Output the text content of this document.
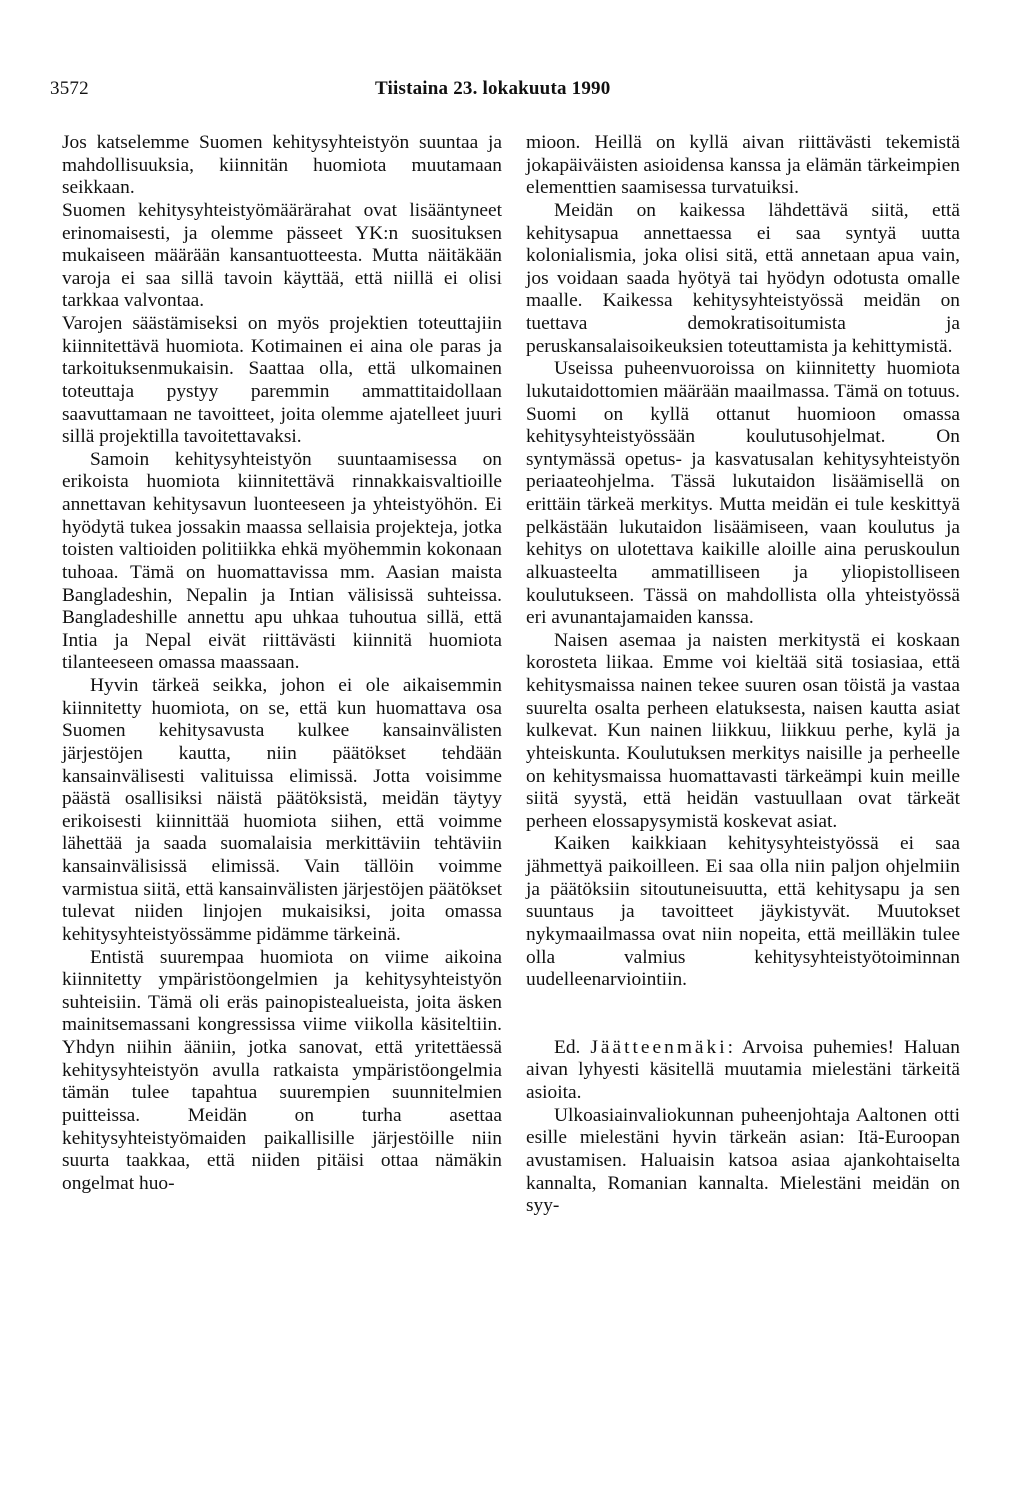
3572	Tiistaina 23. lokakuuta 1990

Jos katselemme Suomen kehitysyhteistyön suuntaa ja mahdollisuuksia, kiinnitän huomiota muutamaan seikkaan.

Suomen kehitysyhteistyömäärärahat ovat lisääntyneet erinomaisesti, ja olemme pässeet YK:n suosituksen mukaiseen määrään kansantuotteesta. Mutta näitäkään varoja ei saa sillä tavoin käyttää, että niillä ei olisi tarkkaa valvontaa.

Varojen säästämiseksi on myös projektien toteuttajiin kiinnitettävä huomiota. Kotimainen ei aina ole paras ja tarkoituksenmukaisin. Saattaa olla, että ulkomainen toteuttaja pystyy paremmin ammattitaidollaan saavuttamaan ne tavoitteet, joita olemme ajatelleet juuri sillä projektilla tavoitettavaksi.

Samoin kehitysyhteistyön suuntaamisessa on erikoista huomiota kiinnitettävä rinnakkaisvaltioille annettavan kehitysavun luonteeseen ja yhteistyöhön. Ei hyödytä tukea jossakin maassa sellaisia projekteja, jotka toisten valtioiden politiikka ehkä myöhemmin kokonaan tuhoaa. Tämä on huomattavissa mm. Aasian maista Bangladeshin, Nepalin ja Intian välisissä suhteissa. Bangladeshille annettu apu uhkaa tuhoutua sillä, että Intia ja Nepal eivät riittävästi kiinnitä huomiota tilanteeseen omassa maassaan.

Hyvin tärkeä seikka, johon ei ole aikaisemmin kiinnitetty huomiota, on se, että kun huomattava osa Suomen kehitysavusta kulkee kansainvälisten järjestöjen kautta, niin päätökset tehdään kansainvälisesti valituissa elimissä. Jotta voisimme päästä osallisiksi näistä päätöksistä, meidän täytyy erikoisesti kiinnittää huomiota siihen, että voimme lähettää ja saada suomalaisia merkittäviin tehtäviin kansainvälisissä elimissä. Vain tällöin voimme varmistua siitä, että kansainvälisten järjestöjen päätökset tulevat niiden linjojen mukaisiksi, joita omassa kehitysyhteistyössämme pidämme tärkeinä.

Entistä suurempaa huomiota on viime aikoina kiinnitetty ympäristöongelmien ja kehitysyhteistyön suhteisiin. Tämä oli eräs painopistealueista, joita äsken mainitsemassani kongressissa viime viikolla käsiteltiin. Yhdyn niihin ääniin, jotka sanovat, että yritettäessä kehitysyhteistyön avulla ratkaista ympäristöongelmia tämän tulee tapahtua suurempien suunnitelmien puitteissa. Meidän on turha asettaa kehitysyhteistyömaiden paikallisille järjestöille niin suurta taakkaa, että niiden pitäisi ottaa nämäkin ongelmat huo-

mioon. Heillä on kyllä aivan riittävästi tekemistä jokapäiväisten asioidensa kanssa ja elämän tärkeimpien elementtien saamisessa turvatuiksi.

Meidän on kaikessa lähdettävä siitä, että kehitysapua annettaessa ei saa syntyä uutta kolonialismia, joka olisi sitä, että annetaan apua vain, jos voidaan saada hyötyä tai hyödyn odotusta omalle maalle. Kaikessa kehitysyhteistyössä meidän on tuettava demokratisoitumista ja peruskansalaisoikeuksien toteuttamista ja kehittymistä.

Useissa puheenvuoroissa on kiinnitetty huomiota lukutaidottomien määrään maailmassa. Tämä on totuus. Suomi on kyllä ottanut huomioon omassa kehitysyhteistyössään koulutusohjelmat. On syntymässä opetus- ja kasvatusalan kehitysyhteistyön periaateohjelma. Tässä lukutaidon lisäämisellä on erittäin tärkeä merkitys. Mutta meidän ei tule keskittyä pelkästään lukutaidon lisäämiseen, vaan koulutus ja kehitys on ulotettava kaikille aloille aina peruskoulun alkuasteelta ammatilliseen ja yliopistolliseen koulutukseen. Tässä on mahdollista olla yhteistyössä eri avunantajamaiden kanssa.

Naisen asemaa ja naisten merkitystä ei koskaan korosteta liikaa. Emme voi kieltää sitä tosiasiaa, että kehitysmaissa nainen tekee suuren osan töistä ja vastaa suurelta osalta perheen elatuksesta, naisen kautta asiat kulkevat. Kun nainen liikkuu, liikkuu perhe, kylä ja yhteiskunta. Koulutuksen merkitys naisille ja perheelle on kehitysmaissa huomattavasti tärkeämpi kuin meille siitä syystä, että heidän vastuullaan ovat tärkeät perheen elossapysymistä koskevat asiat.

Kaiken kaikkiaan kehitysyhteistyössä ei saa jähmettyä paikoilleen. Ei saa olla niin paljon ohjelmiin ja päätöksiin sitoutuneisuutta, että kehitysapu ja sen suuntaus ja tavoitteet jäykistyvät. Muutokset nykymaailmassa ovat niin nopeita, että meilläkin tulee olla valmius kehitysyhteistyötoiminnan uudelleenarviointiin.

Ed. Jäätteenmäki: Arvoisa puhemies! Haluan aivan lyhyesti käsitellä muutamia mielestäni tärkeitä asioita.

Ulkoasiainvaliokunnan puheenjohtaja Aaltonen otti esille mielestäni hyvin tärkeän asian: Itä-Euroopan avustamisen. Haluaisin katsoa asiaa ajankohtaiselta kannalta, Romanian kannalta. Mielestäni meidän on syy-
